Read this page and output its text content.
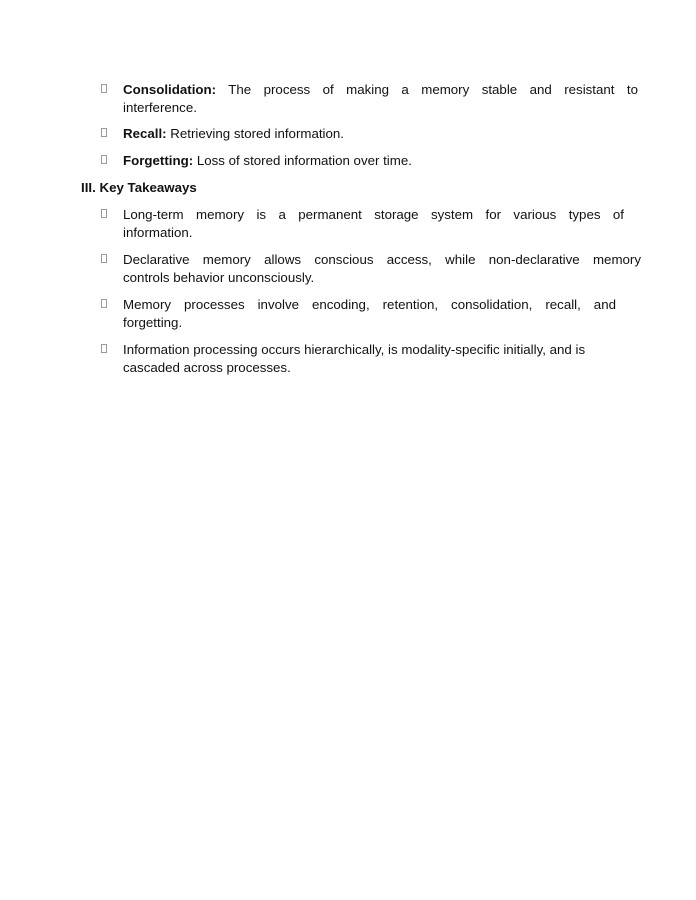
Consolidation: The process of making a memory stable and resistant to
interference.
Recall: Retrieving stored information.
Forgetting: Loss of stored information over time.
III. Key Takeaways
Long-term memory is a permanent storage system for various types of
information.
Declarative memory allows conscious access, while non-declarative memory
controls behavior unconsciously.
Memory processes involve encoding, retention, consolidation, recall, and
forgetting.
Information processing occurs hierarchically, is modality-specific initially, and is
cascaded across processes.
